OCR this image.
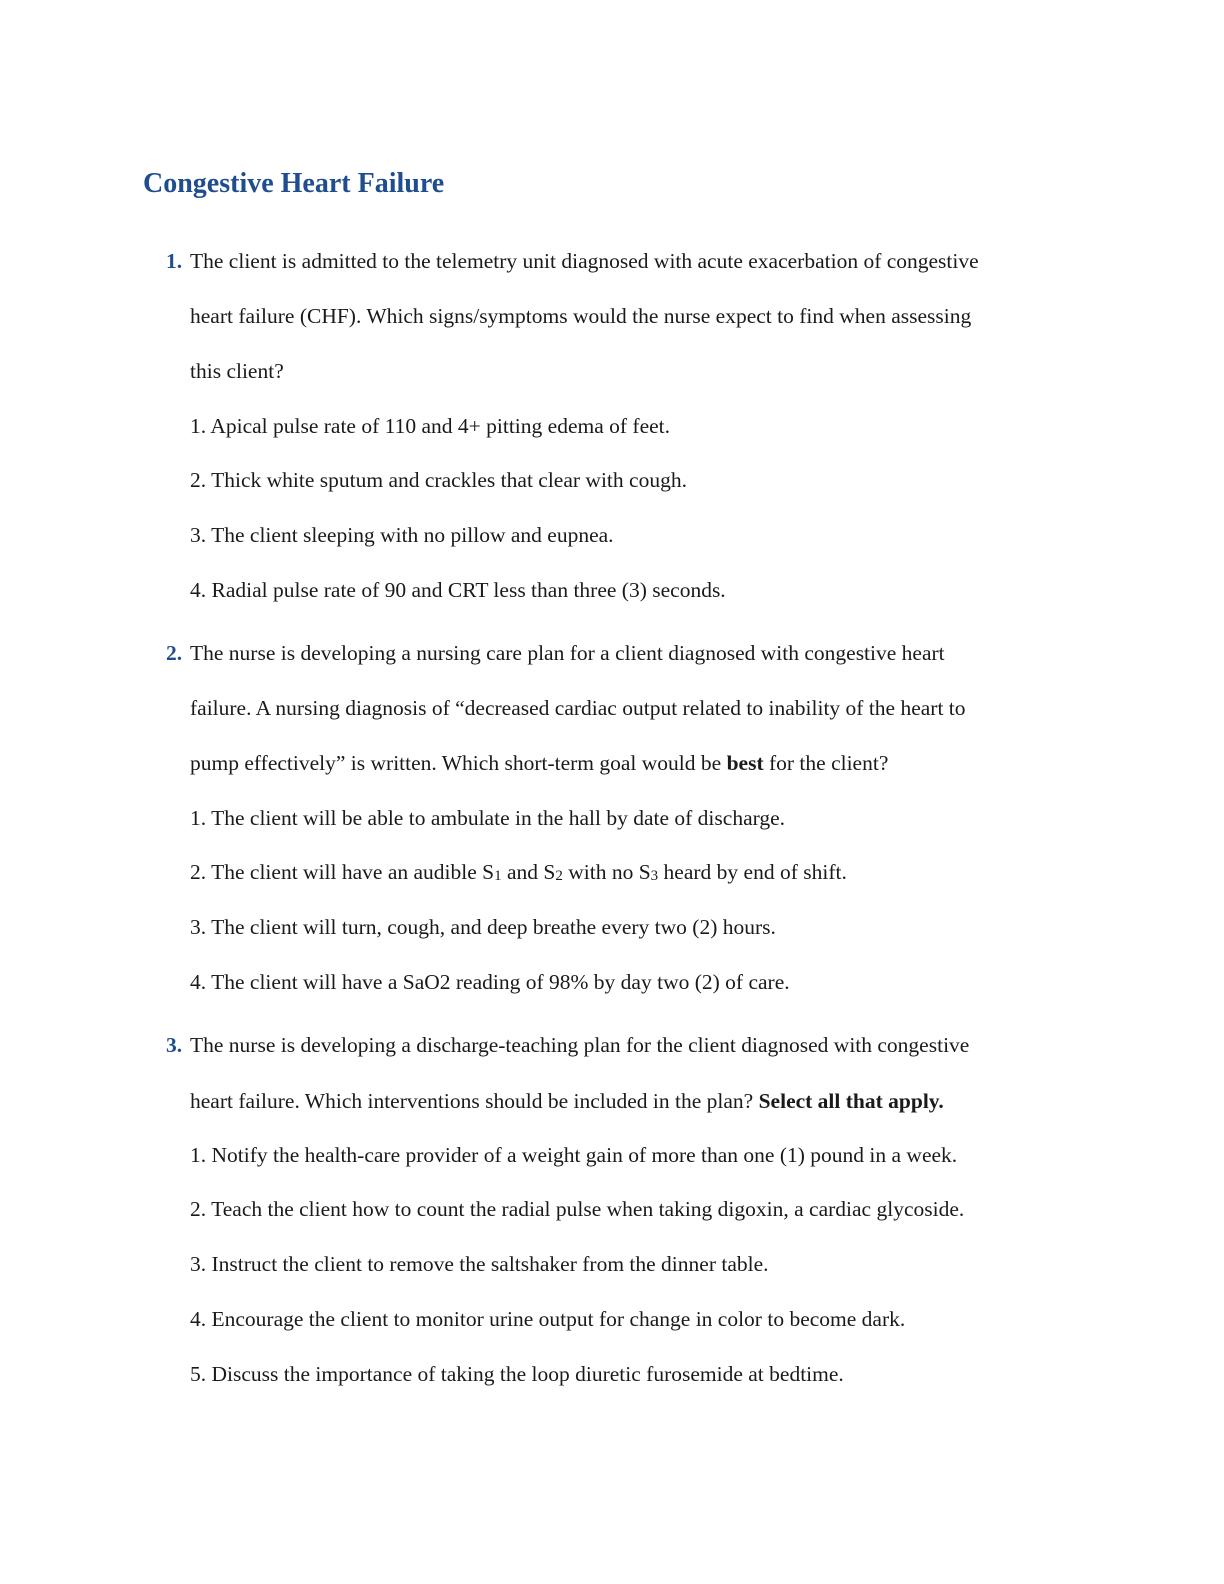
Congestive Heart Failure
1. The client is admitted to the telemetry unit diagnosed with acute exacerbation of congestive
heart failure (CHF). Which signs/symptoms would the nurse expect to find when assessing
this client?
1. Apical pulse rate of 110 and 4+ pitting edema of feet.
2. Thick white sputum and crackles that clear with cough.
3. The client sleeping with no pillow and eupnea.
4. Radial pulse rate of 90 and CRT less than three (3) seconds.
2. The nurse is developing a nursing care plan for a client diagnosed with congestive heart
failure. A nursing diagnosis of “decreased cardiac output related to inability of the heart to
pump effectively” is written. Which short-term goal would be best for the client?
1. The client will be able to ambulate in the hall by date of discharge.
2. The client will have an audible $S_1$ and $S_2$ with no $S_3$ heard by end of shift.
3. The client will turn, cough, and deep breathe every two (2) hours.
4. The client will have a SaO2 reading of 98% by day two (2) of care.
3. The nurse is developing a discharge-teaching plan for the client diagnosed with congestive
heart failure. Which interventions should be included in the plan? Select all that apply.
1. Notify the health-care provider of a weight gain of more than one (1) pound in a week.
2. Teach the client how to count the radial pulse when taking digoxin, a cardiac glycoside.
3. Instruct the client to remove the saltshaker from the dinner table.
4. Encourage the client to monitor urine output for change in color to become dark.
5. Discuss the importance of taking the loop diuretic furosemide at bedtime.
